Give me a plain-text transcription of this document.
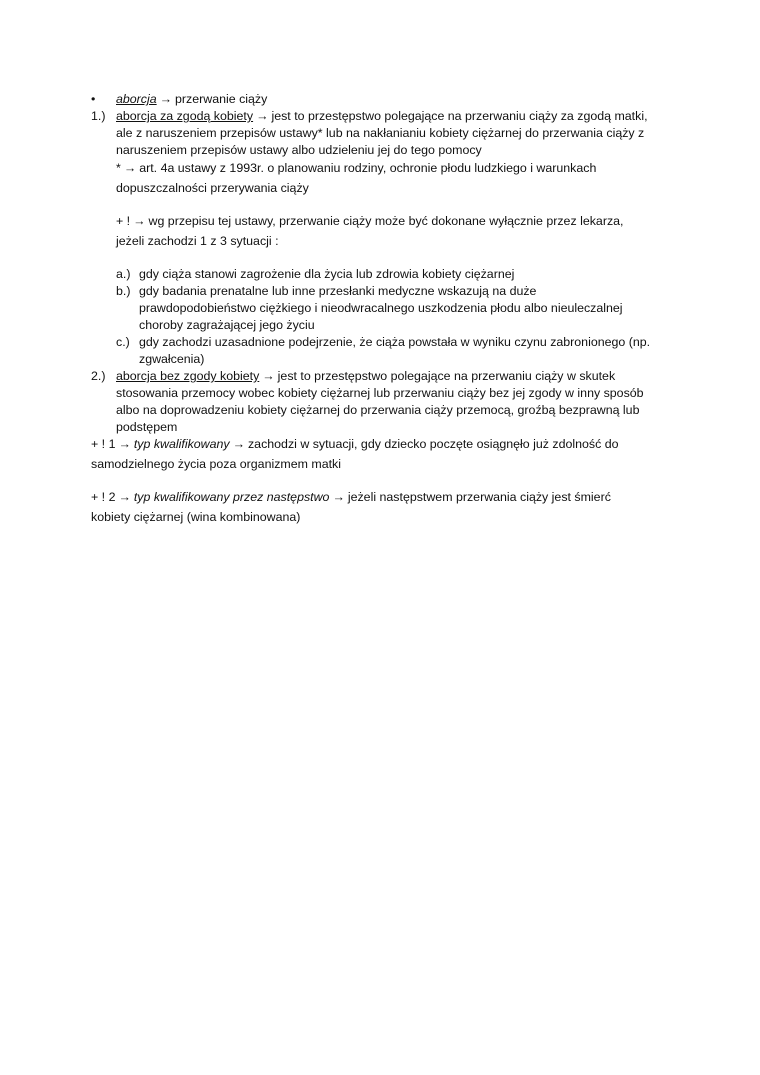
• aborcja → przerwanie ciąży
1.) aborcja za zgodą kobiety → jest to przestępstwo polegające na przerwaniu ciąży za zgodą matki,
ale z naruszeniem przepisów ustawy* lub na nakłanianiu kobiety ciężarnej do przerwania ciąży z
naruszeniem przepisów ustawy albo udzieleniu jej do tego pomocy
* → art. 4a ustawy z 1993r. o planowaniu rodziny, ochronie płodu ludzkiego i warunkach
dopuszczalności przerywania ciąży
+ ! → wg przepisu tej ustawy, przerwanie ciąży może być dokonane wyłącznie przez lekarza,
jeżeli zachodzi 1 z 3 sytuacji :
a.) gdy ciąża stanowi zagrożenie dla życia lub zdrowia kobiety ciężarnej
b.) gdy badania prenatalne lub inne przesłanki medyczne wskazują na duże
prawdopodobieństwo ciężkiego i nieodwracalnego uszkodzenia płodu albo nieuleczalnej
choroby zagrażającej jego życiu
c.) gdy zachodzi uzasadnione podejrzenie, że ciąża powstała w wyniku czynu zabronionego (np.
zgwałcenia)
2.) aborcja bez zgody kobiety → jest to przestępstwo polegające na przerwaniu ciąży w skutek
stosowania przemocy wobec kobiety ciężarnej lub przerwaniu ciąży bez jej zgody w inny sposób
albo na doprowadzeniu kobiety ciężarnej do przerwania ciąży przemocą, groźbą bezprawną lub
podstępem
+ ! 1 → typ kwalifikowany → zachodzi w sytuacji, gdy dziecko poczęte osiągnęło już zdolność do
samodzielnego życia poza organizmem matki
+ ! 2 → typ kwalifikowany przez następstwo → jeżeli następstwem przerwania ciąży jest śmierć
kobiety ciężarnej (wina kombinowana)
